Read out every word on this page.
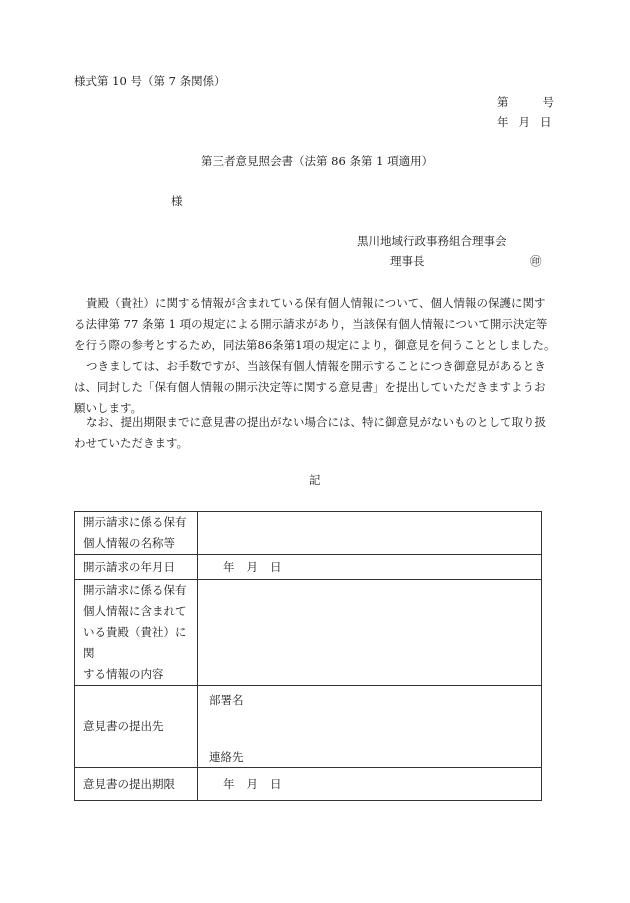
様式第 10 号（第 7 条関係）
第	号
年 月 日
第三者意見照会書（法第 86 条第 1 項適用）
様
黒川地域行政事務組合理事会
理事長	㊞
貴殿（貴社）に関する情報が含まれている保有個人情報について、個人情報の保護に関す
る法律第 77 条第 1 項の規定による開示請求があり，当該保有個人情報について開示決定等
を行う際の参考とするため，同法第86条第1項の規定により，御意見を伺うこととしました。
つきましては、お手数ですが、当該保有個人情報を開示することにつき御意見があるとき
は、同封した「保有個人情報の開示決定等に関する意見書」を提出していただきますようお
願いします。
なお、提出期限までに意見書の提出がない場合には、特に御意見がないものとして取り扱
わせていただきます。
記
開示請求に係る保有
個人情報の名称等	

開示請求の年月日	年 月 日

開示請求に係る保有
個人情報に含まれて
いる貴殿（貴社）に関
する情報の内容	

意見書の提出先	部署名
連絡先

意見書の提出期限	年 月 日
